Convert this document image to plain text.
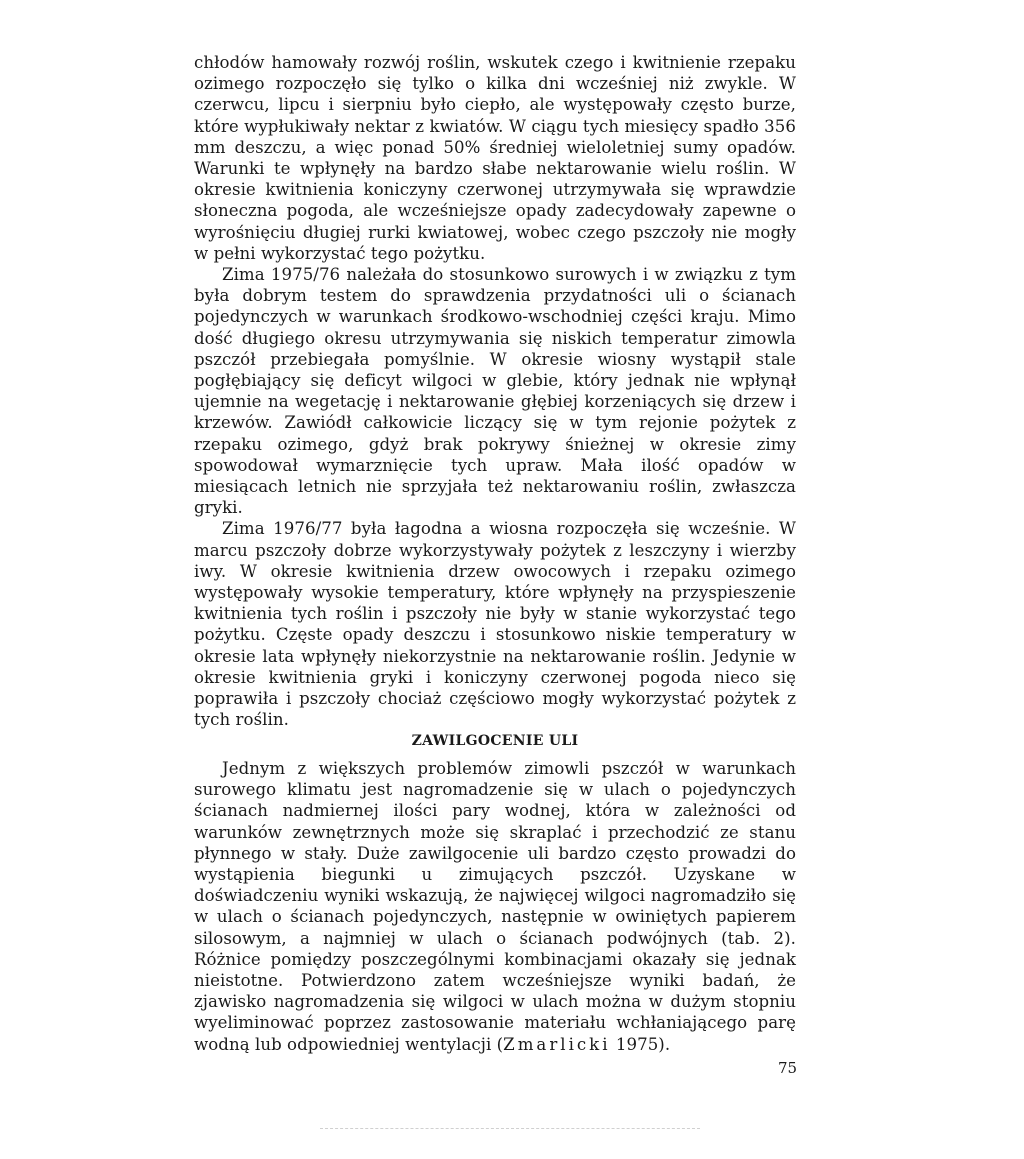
chłodów hamowały rozwój roślin, wskutek czego i kwitnienie rzepaku ozimego rozpoczęło się tylko o kilka dni wcześniej niż zwykle. W czerwcu, lipcu i sierpniu było ciepło, ale występowały często burze, które wypłukiwały nektar z kwiatów. W ciągu tych miesięcy spadło 356 mm deszczu, a więc ponad 50% średniej wieloletniej sumy opadów. Warunki te wpłynęły na bardzo słabe nektarowanie wielu roślin. W okresie kwitnienia koniczyny czerwonej utrzymywała się wprawdzie słoneczna pogoda, ale wcześniejsze opady zadecydowały zapewne o wyrośnięciu długiej rurki kwiatowej, wobec czego pszczoły nie mogły w pełni wykorzystać tego pożytku.

Zima 1975/76 należała do stosunkowo surowych i w związku z tym była dobrym testem do sprawdzenia przydatności uli o ścianach pojedynczych w warunkach środkowo-wschodniej części kraju. Mimo dość długiego okresu utrzymywania się niskich temperatur zimowla pszczół przebiegała pomyślnie. W okresie wiosny wystąpił stale pogłębiający się deficyt wilgoci w glebie, który jednak nie wpłynął ujemnie na wegetację i nektarowanie głębiej korzeniących się drzew i krzewów. Zawiódł całkowicie liczący się w tym rejonie pożytek z rzepaku ozimego, gdyż brak pokrywy śnieżnej w okresie zimy spowodował wymarznięcie tych upraw. Mała ilość opadów w miesiącach letnich nie sprzyjała też nektarowaniu roślin, zwłaszcza gryki.

Zima 1976/77 była łagodna a wiosna rozpoczęła się wcześnie. W marcu pszczoły dobrze wykorzystywały pożytek z leszczyny i wierzby iwy. W okresie kwitnienia drzew owocowych i rzepaku ozimego występowały wysokie temperatury, które wpłynęły na przyspieszenie kwitnienia tych roślin i pszczoły nie były w stanie wykorzystać tego pożytku. Częste opady deszczu i stosunkowo niskie temperatury w okresie lata wpłynęły niekorzystnie na nektarowanie roślin. Jedynie w okresie kwitnienia gryki i koniczyny czerwonej pogoda nieco się poprawiła i pszczoły chociaż częściowo mogły wykorzystać pożytek z tych roślin.

ZAWILGOCENIE ULI

Jednym z większych problemów zimowli pszczół w warunkach surowego klimatu jest nagromadzenie się w ulach o pojedynczych ścianach nadmiernej ilości pary wodnej, która w zależności od warunków zewnętrznych może się skraplać i przechodzić ze stanu płynnego w stały. Duże zawilgocenie uli bardzo często prowadzi do wystąpienia biegunki u zimujących pszczół. Uzyskane w doświadczeniu wyniki wskazują, że najwięcej wilgoci nagromadziło się w ulach o ścianach pojedynczych, następnie w owiniętych papierem silosowym, a najmniej w ulach o ścianach podwójnych (tab. 2). Różnice pomiędzy poszczególnymi kombinacjami okazały się jednak nieistotne. Potwierdzono zatem wcześniejsze wyniki badań, że zjawisko nagromadzenia się wilgoci w ulach można w dużym stopniu wyeliminować poprzez zastosowanie materiału wchłaniającego parę wodną lub odpowiedniej wentylacji (Zmarlicki 1975).

75
